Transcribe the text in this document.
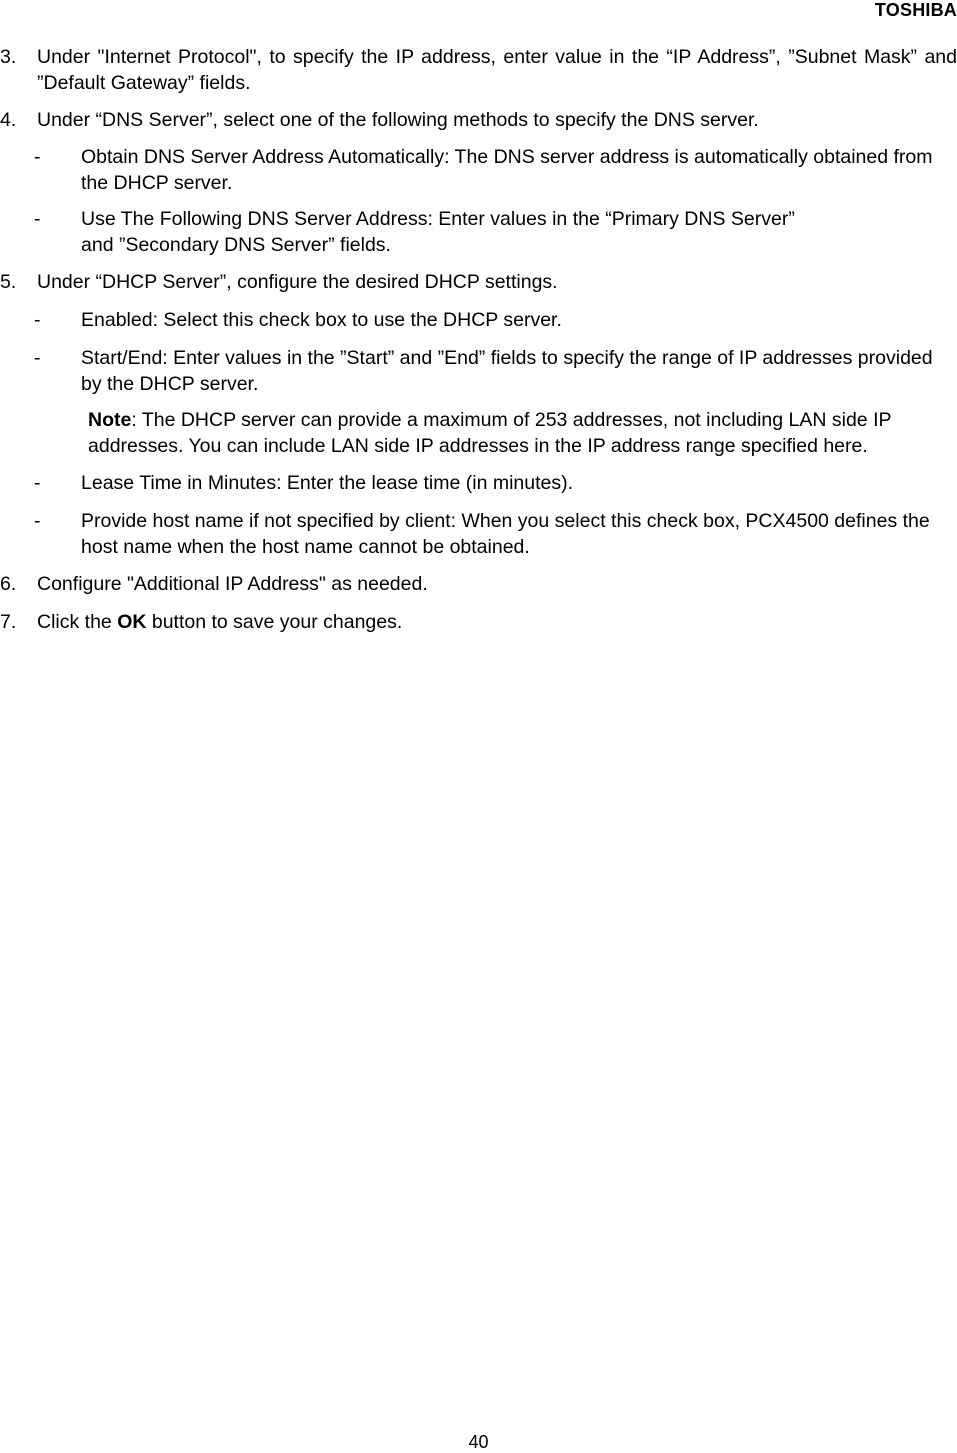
TOSHIBA
3. Under "Internet Protocol", to specify the IP address, enter value in the “IP Address”, ”Subnet Mask” and ”Default Gateway” fields.
4. Under “DNS Server”, select one of the following methods to specify the DNS server.
- Obtain DNS Server Address Automatically: The DNS server address is automatically obtained from the DHCP server.
- Use The Following DNS Server Address: Enter values in the “Primary DNS Server”
and ”Secondary DNS Server” fields.
5. Under “DHCP Server”, configure the desired DHCP settings.
- Enabled: Select this check box to use the DHCP server.
- Start/End: Enter values in the ”Start” and ”End” fields to specify the range of IP addresses provided by the DHCP server.
Note: The DHCP server can provide a maximum of 253 addresses, not including LAN side IP addresses. You can include LAN side IP addresses in the IP address range specified here.
- Lease Time in Minutes: Enter the lease time (in minutes).
- Provide host name if not specified by client: When you select this check box, PCX4500 defines the host name when the host name cannot be obtained.
6. Configure "Additional IP Address" as needed.
7. Click the OK button to save your changes.
40
